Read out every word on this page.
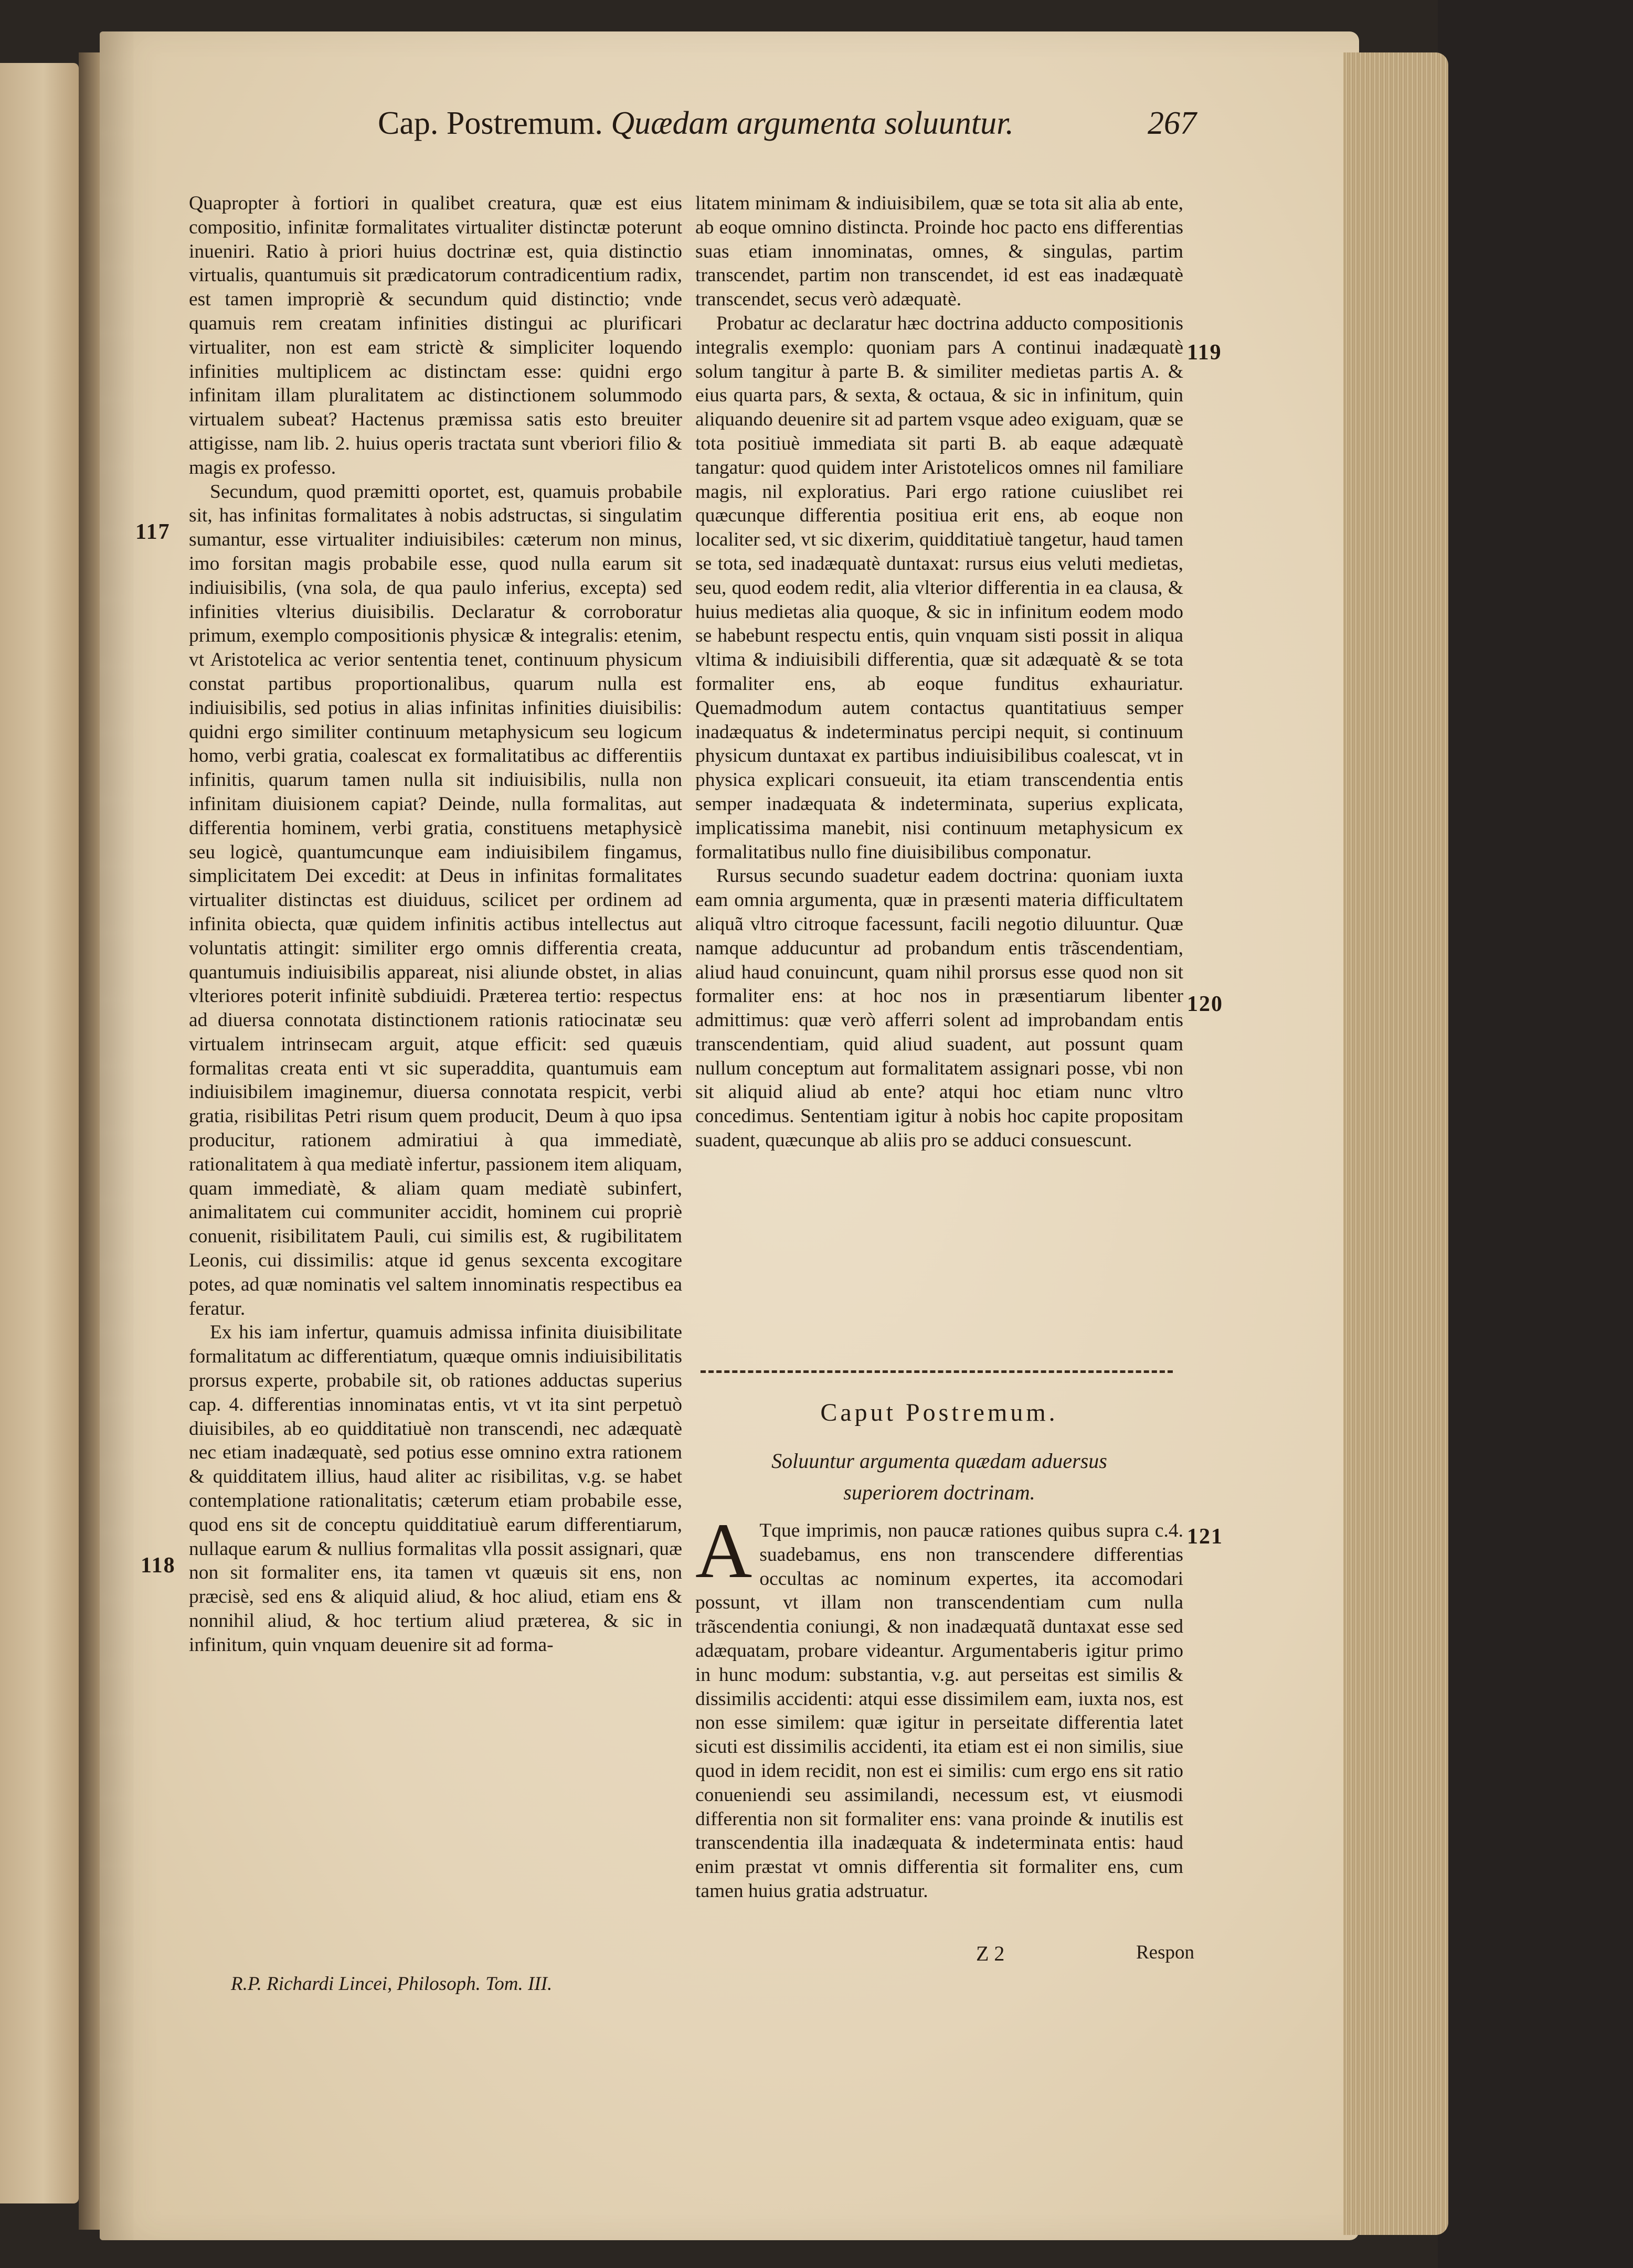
Cap. Postremum. Quædam argumenta soluuntur.	267

Quapropter à fortiori in qualibet creatura, quæ est eius compositio, infinitæ formalitates virtualiter distinctæ poterunt inueniri. Ratio à priori huius doctrinæ est, quia distinctio virtualis, quantumuis sit prædicatorum contradicentium radix, est tamen impropriè & secundum quid distinctio; vnde quamuis rem creatam infinities distingui ac plurificari virtualiter, non est eam strictè & simpliciter loquendo infinities multiplicem ac distinctam esse: quidni ergo infinitam illam pluralitatem ac distinctionem solummodo virtualem subeat? Hactenus præmissa satis esto breuiter attigisse, nam lib. 2. huius operis tractata sunt vberiori filio & magis ex professo.

Secundum, quod præmitti oportet, est, quamuis probabile sit, has infinitas formalitates à nobis adstructas, si singulatim sumantur, esse virtualiter indiuisibiles: cæterum non minus, imo forsitan magis probabile esse, quod nulla earum sit indiuisibilis, (vna sola, de qua paulo inferius, excepta) sed infinities vlterius diuisibilis. Declaratur & corroboratur primum, exemplo compositionis physicæ & integralis: etenim, vt Aristotelica ac verior sententia tenet, continuum physicum constat partibus proportionalibus, quarum nulla est indiuisibilis, sed potius in alias infinitas infinities diuisibilis: quidni ergo similiter continuum metaphysicum seu logicum homo, verbi gratia, coalescat ex formalitatibus ac differentiis infinitis, quarum tamen nulla sit indiuisibilis, nulla non infinitam diuisionem capiat? Deinde, nulla formalitas, aut differentia hominem, verbi gratia, constituens metaphysicè seu logicè, quantumcunque eam indiuisibilem fingamus, simplicitatem Dei excedit: at Deus in infinitas formalitates virtualiter distinctas est diuiduus, scilicet per ordinem ad infinita obiecta, quæ quidem infinitis actibus intellectus aut voluntatis attingit: similiter ergo omnis differentia creata, quantumuis indiuisibilis appareat, nisi aliunde obstet, in alias vlteriores poterit infinitè subdiuidi. Præterea tertio: respectus ad diuersa connotata distinctionem rationis ratiocinatæ seu virtualem intrinsecam arguit, atque efficit: sed quæuis formalitas creata enti vt sic superaddita, quantumuis eam indiuisibilem imaginemur, diuersa connotata respicit, verbi gratia, risibilitas Petri risum quem producit, Deum à quo ipsa producitur, rationem admiratiui à qua immediatè, rationalitatem à qua mediatè infertur, passionem item aliquam, quam immediatè, & aliam quam mediatè subinfert, animalitatem cui communiter accidit, hominem cui propriè conuenit, risibilitatem Pauli, cui similis est, & rugibilitatem Leonis, cui dissimilis: atque id genus sexcenta excogitare potes, ad quæ nominatis vel saltem innominatis respectibus ea feratur.

Ex his iam infertur, quamuis admissa infinita diuisibilitate formalitatum ac differentiatum, quæque omnis indiuisibilitatis prorsus experte, probabile sit, ob rationes adductas superius cap. 4. differentias innominatas entis, vt vt ita sint perpetuò diuisibiles, ab eo quidditatiuè non transcendi, nec adæquatè nec etiam inadæquatè, sed potius esse omnino extra rationem & quidditatem illius, haud aliter ac risibilitas, v.g. se habet contemplatione rationalitatis; cæterum etiam probabile esse, quod ens sit de conceptu quidditatiuè earum differentiarum, nullaque earum & nullius formalitas vlla possit assignari, quæ non sit formaliter ens, ita tamen vt quæuis sit ens, non præcisè, sed ens & aliquid aliud, & hoc aliud, etiam ens & nonnihil aliud, & hoc tertium aliud præterea, & sic in infinitum, quin vnquam deuenire sit ad forma-

117
118

litatem minimam & indiuisibilem, quæ se tota sit alia ab ente, ab eoque omnino distincta. Proinde hoc pacto ens differentias suas etiam innominatas, omnes, & singulas, partim transcendet, partim non transcendet, id est eas inadæquatè transcendet, secus verò adæquatè.

Probatur ac declaratur hæc doctrina adducto compositionis integralis exemplo: quoniam pars A continui inadæquatè solum tangitur à parte B. & similiter medietas partis A. & eius quarta pars, & sexta, & octaua, & sic in infinitum, quin aliquando deuenire sit ad partem vsque adeo exiguam, quæ se tota positiuè immediata sit parti B. ab eaque adæquatè tangatur: quod quidem inter Aristotelicos omnes nil familiare magis, nil exploratius. Pari ergo ratione cuiuslibet rei quæcunque differentia positiua erit ens, ab eoque non localiter sed, vt sic dixerim, quidditatiuè tangetur, haud tamen se tota, sed inadæquatè duntaxat: rursus eius veluti medietas, seu, quod eodem redit, alia vlterior differentia in ea clausa, & huius medietas alia quoque, & sic in infinitum eodem modo se habebunt respectu entis, quin vnquam sisti possit in aliqua vltima & indiuisibili differentia, quæ sit adæquatè & se tota formaliter ens, ab eoque funditus exhauriatur. Quemadmodum autem contactus quantitatiuus semper inadæquatus & indeterminatus percipi nequit, si continuum physicum duntaxat ex partibus indiuisibilibus coalescat, vt in physica explicari consueuit, ita etiam transcendentia entis semper inadæquata & indeterminata, superius explicata, implicatissima manebit, nisi continuum metaphysicum ex formalitatibus nullo fine diuisibilibus componatur.

Rursus secundo suadetur eadem doctrina: quoniam iuxta eam omnia argumenta, quæ in præsenti materia difficultatem aliquã vltro citroque facessunt, facili negotio diluuntur. Quæ namque adducuntur ad probandum entis trãscendentiam, aliud haud conuincunt, quam nihil prorsus esse quod non sit formaliter ens: at hoc nos in præsentiarum libenter admittimus: quæ verò afferri solent ad improbandam entis transcendentiam, quid aliud suadent, aut possunt quam nullum conceptum aut formalitatem assignari posse, vbi non sit aliquid aliud ab ente? atqui hoc etiam nunc vltro concedimus. Sententiam igitur à nobis hoc capite propositam suadent, quæcunque ab aliis pro se adduci consuescunt.

119
120
121
Caput Postremum.
Soluuntur argumenta quædam aduersus
superiorem doctrinam.
A Tque imprimis, non paucæ rationes quibus supra c.4. suadebamus, ens non transcendere differentias occultas ac nominum expertes, ita accomodari possunt, vt illam non transcendentiam cum nulla trãscendentia coniungi, & non inadæquatã duntaxat esse sed adæquatam, probare videantur. Argumentaberis igitur primo in hunc modum: substantia, v.g. aut perseitas est similis & dissimilis accidenti: atqui esse dissimilem eam, iuxta nos, est non esse similem: quæ igitur in perseitate differentia latet sicuti est dissimilis accidenti, ita etiam est ei non similis, siue quod in idem recidit, non est ei similis: cum ergo ens sit ratio conueniendi seu assimilandi, necessum est, vt eiusmodi differentia non sit formaliter ens: vana proinde & inutilis est transcendentia illa inadæquata & indeterminata entis: haud enim præstat vt omnis differentia sit formaliter ens, cum tamen huius gratia adstruatur.

R.P. Richardi Lincei, Philosoph. Tom. III.
Z 2	Respon
